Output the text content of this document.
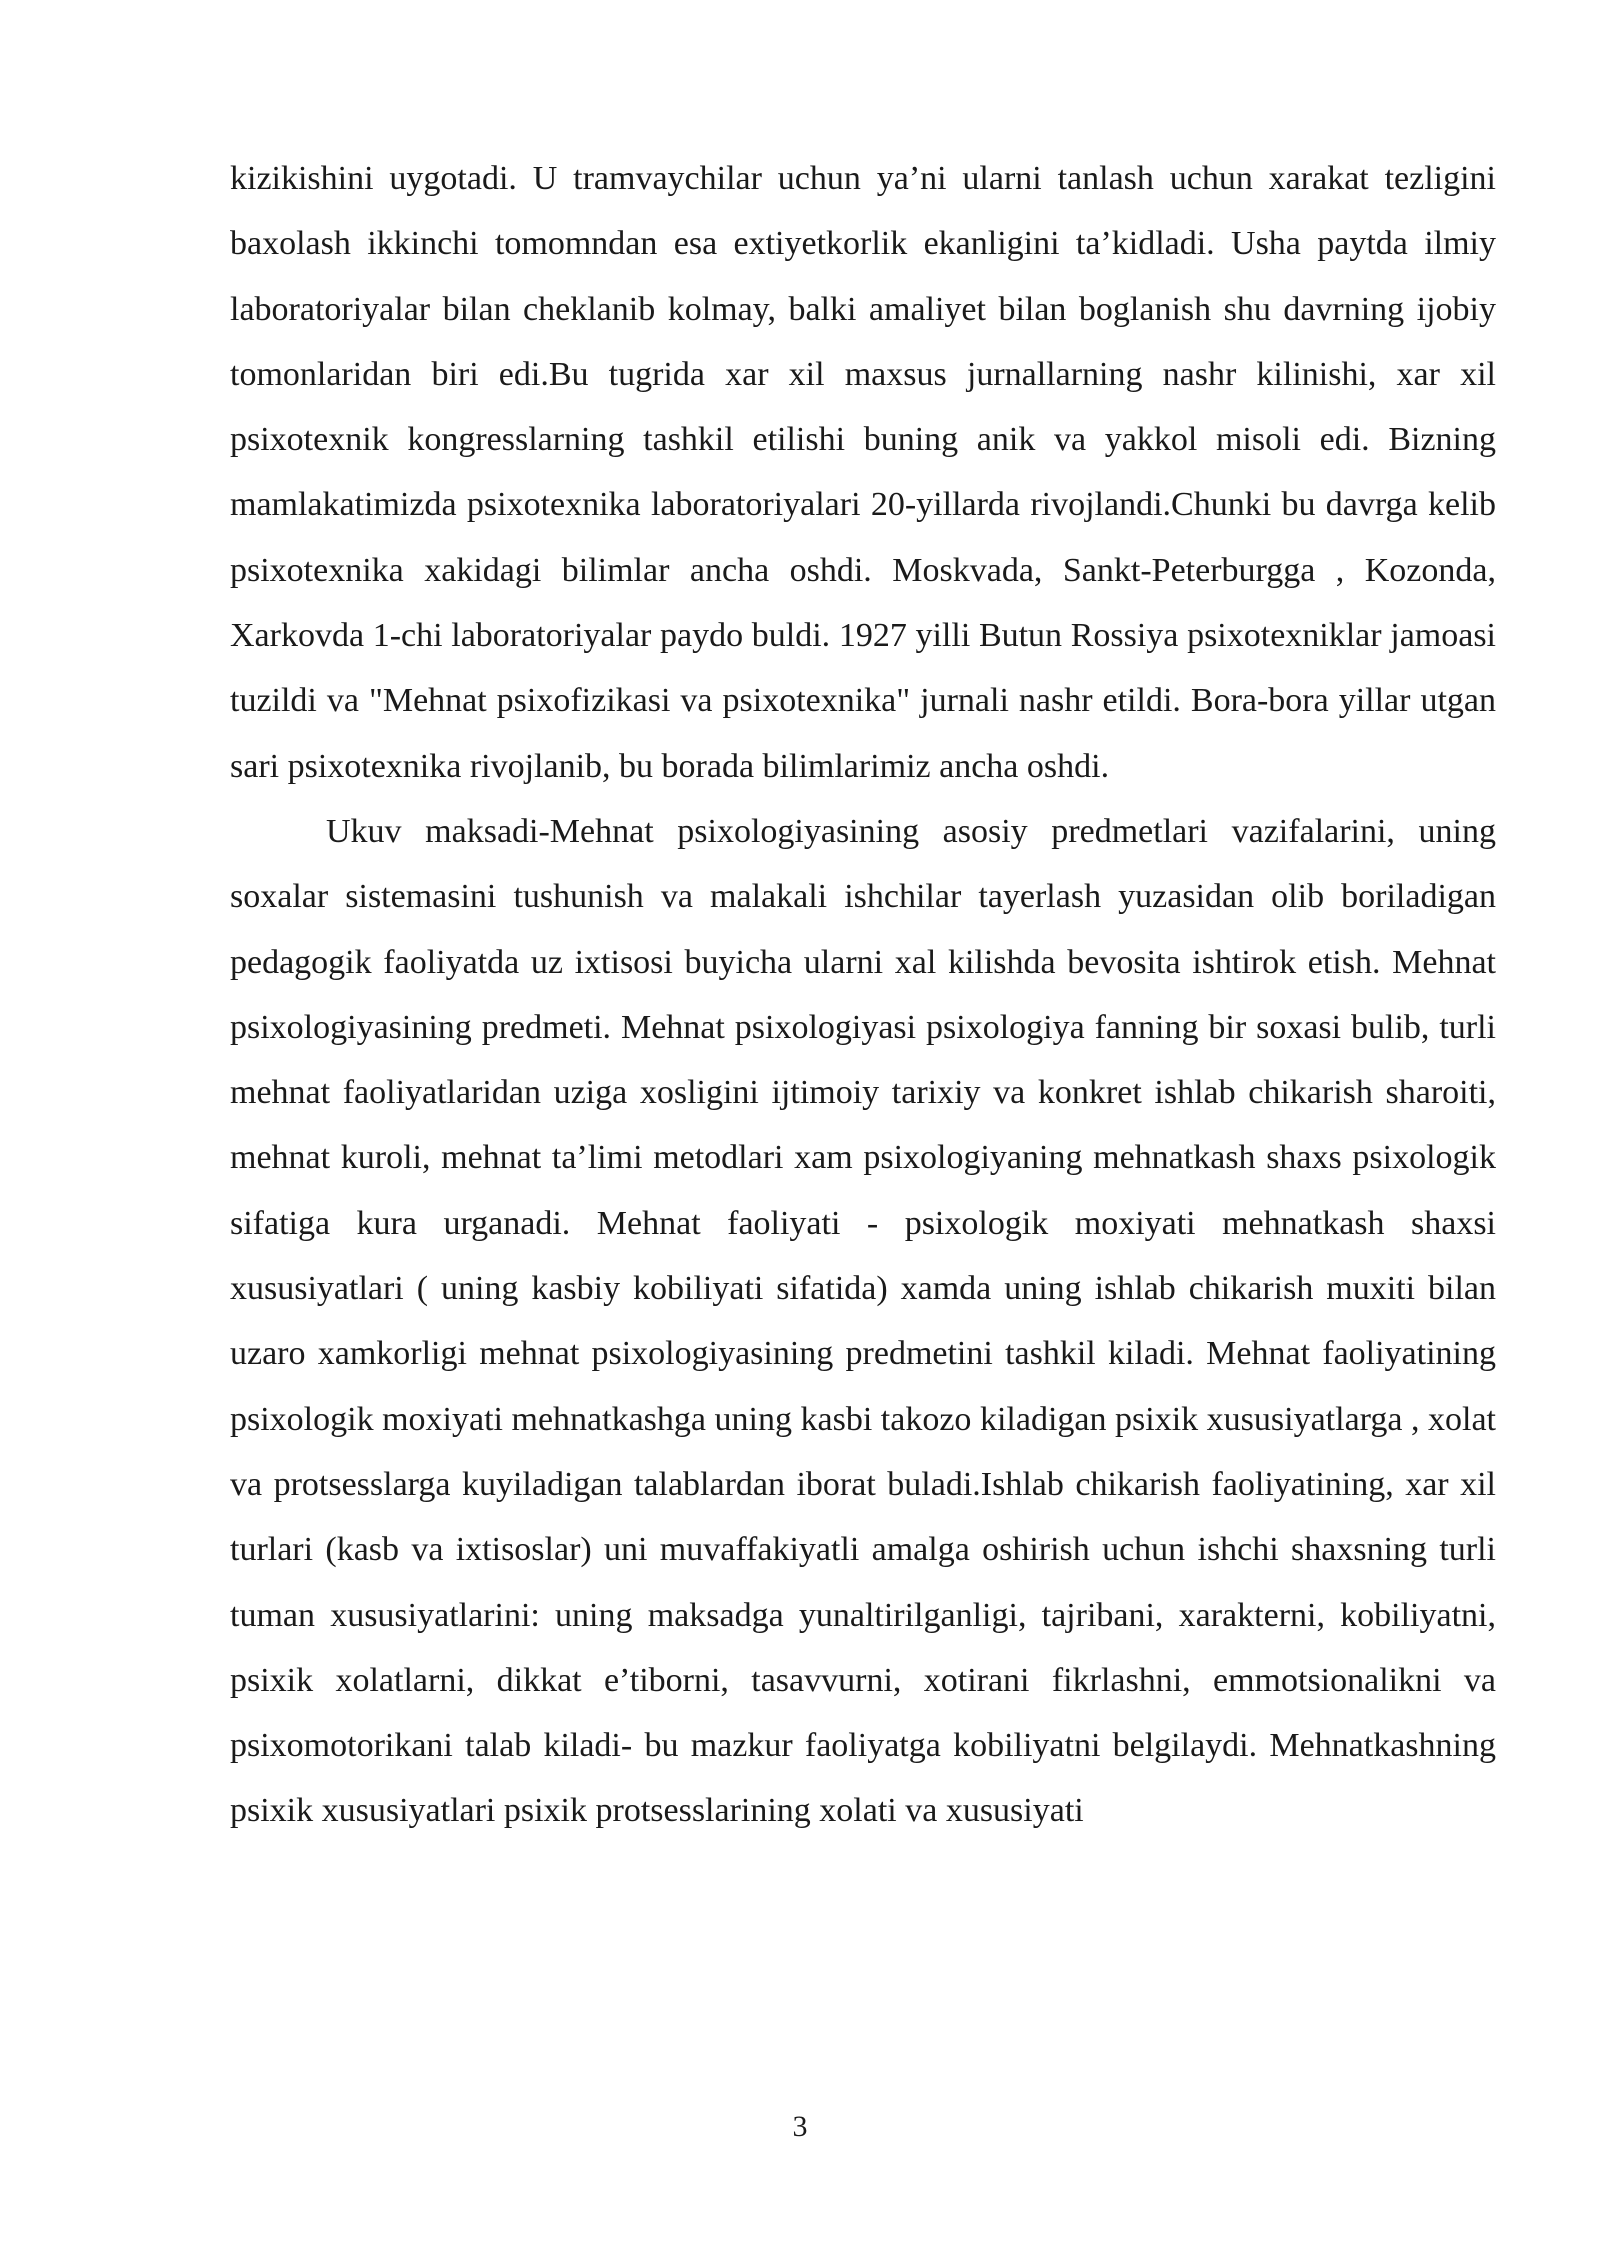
kizikishini uygotadi. U tramvaychilar uchun ya’ni ularni tanlash uchun xarakat tezligini baxolash ikkinchi tomomndan esa extiyetkorlik ekanligini ta’kidladi. Usha paytda ilmiy laboratoriyalar bilan cheklanib kolmay, balki amaliyet bilan boglanish shu davrning ijobiy tomonlaridan biri edi.Bu tugrida xar xil maxsus jurnallarning nashr kilinishi, xar xil psixotexnik kongresslarning tashkil etilishi buning anik va yakkol misoli edi. Bizning mamlakatimizda psixotexnika laboratoriyalari 20-yillarda rivojlandi.Chunki bu davrga kelib psixotexnika xakidagi bilimlar ancha oshdi. Moskvada, Sankt-Peterburgga , Kozonda, Xarkovda 1-chi laboratoriyalar paydo buldi. 1927 yilli Butun Rossiya psixotexniklar jamoasi tuzildi va "Mehnat psixofizikasi va psixotexnika" jurnali nashr etildi. Bora-bora yillar utgan sari psixotexnika rivojlanib, bu borada bilimlarimiz ancha oshdi.

Ukuv maksadi-Mehnat psixologiyasining asosiy predmetlari vazifalarini, uning soxalar sistemasini tushunish va malakali ishchilar tayerlash yuzasidan olib boriladigan pedagogik faoliyatda uz ixtisosi buyicha ularni xal kilishda bevosita ishtirok etish. Mehnat psixologiyasining predmeti. Mehnat psixologiyasi psixologiya fanning bir soxasi bulib, turli mehnat faoliyatlaridan uziga xosligini ijtimoiy tarixiy va konkret ishlab chikarish sharoiti, mehnat kuroli, mehnat ta’limi metodlari xam psixologiyaning mehnatkash shaxs psixologik sifatiga kura urganadi. Mehnat faoliyati - psixologik moxiyati mehnatkash shaxsi xususiyatlari ( uning kasbiy kobiliyati sifatida) xamda uning ishlab chikarish muxiti bilan uzaro xamkorligi mehnat psixologiyasining predmetini tashkil kiladi. Mehnat faoliyatining psixologik moxiyati mehnatkashga uning kasbi takozo kiladigan psixik xususiyatlarga , xolat va protsesslarga kuyiladigan talablardan iborat buladi.Ishlab chikarish faoliyatining, xar xil turlari (kasb va ixtisoslar) uni muvaffakiyatli amalga oshirish uchun ishchi shaxsning turli tuman xususiyatlarini: uning maksadga yunaltirilganligi, tajribani, xarakterni, kobiliyatni, psixik xolatlarni, dikkat e’tiborni, tasavvurni, xotirani fikrlashni, emmotsionalikni va psixomotorikani talab kiladi- bu mazkur faoliyatga kobiliyatni belgilaydi. Mehnatkashning psixik xususiyatlari psixik protsesslarining xolati va xususiyati

3
